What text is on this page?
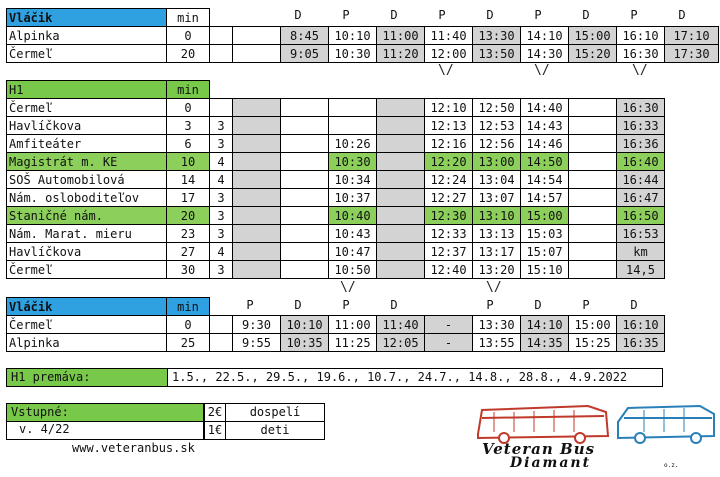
D	P	D	P	D	P	D	P	D
Vláčik	min											
Alpinka	0			8:45	10:10	11:00	11:40	13:30	14:10	15:00	16:10	17:10
Čermeľ	20			9:05	10:30	11:20	12:00	13:50	14:30	15:20	16:30	17:30
\/	\/	\/
H1	min											
Čermeľ	0						12:10	12:50	14:40		16:30	
Havlíčkova	3	3					12:13	12:53	14:43		16:33	
Amfiteáter	6	3			10:26		12:16	12:56	14:46		16:36	
Magistrát m. KE	10	4			10:30		12:20	13:00	14:50		16:40	
SOŠ Automobilová	14	4			10:34		12:24	13:04	14:54		16:44	
Nám. osloboditeľov	17	3			10:37		12:27	13:07	14:57		16:47	
Staničné nám.	20	3			10:40		12:30	13:10	15:00		16:50	
Nám. Marat. mieru	23	3			10:43		12:33	13:13	15:03		16:53	
Havlíčkova	27	4			10:47		12:37	13:17	15:07		km	
Čermeľ	30	3			10:50		12:40	13:20	15:10		14,5	
\/	\/
P	D	P	D	P	D	P	D
Vláčik	min											
Čermeľ	0		9:30	10:10	11:00	11:40	-	13:30	14:10	15:00	16:10	
Alpinka	25		9:55	10:35	11:25	12:05	-	13:55	14:35	15:25	16:35	
H1 premáva:	1.5., 22.5., 29.5., 19.6., 10.7., 24.7., 14.8., 28.8., 4.9.2022
Vstupné:
v. 4/22
2€	dospelí
1€	deti
www.veteranbus.sk	Veteran Bus
Diamant	o.z.
